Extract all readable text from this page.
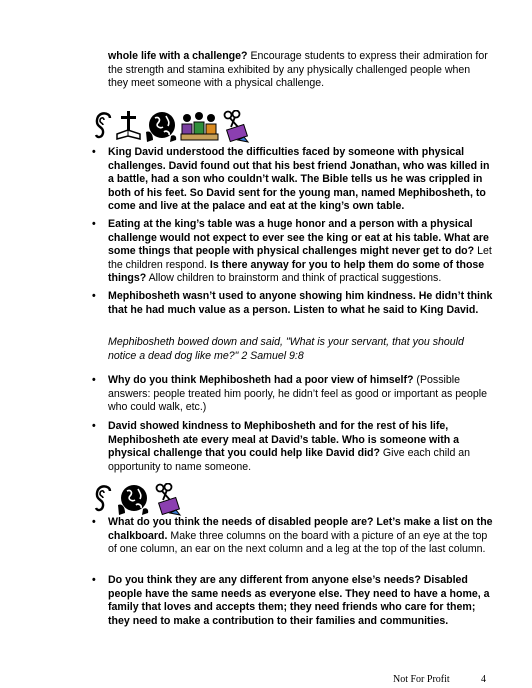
whole life with a challenge? Encourage students to express their admiration for the strength and stamina exhibited by any physically challenged people when they meet someone with a physical challenge.

•	King David understood the difficulties faced by someone with physical challenges. David found out that his best friend Jonathan, who was killed in a battle, had a son who couldn’t walk. The Bible tells us he was crippled in both of his feet. So David sent for the young man, named Mephibosheth, to come and live at the palace and eat at the king’s own table.
•	Eating at the king’s table was a huge honor and a person with a physical challenge would not expect to ever see the king or eat at his table. What are some things that people with physical challenges might never get to do? Let the children respond. Is there anyway for you to help them do some of those things? Allow children to brainstorm and think of practical suggestions.
•	Mephibosheth wasn’t used to anyone showing him kindness. He didn’t think that he had much value as a person. Listen to what he said to King David.

Mephibosheth bowed down and said, "What is your servant, that you should notice a dead dog like me?" 2 Samuel 9:8

•	Why do you think Mephibosheth had a poor view of himself? (Possible answers: people treated him poorly, he didn’t feel as good or important as people who could walk, etc.)
•	David showed kindness to Mephibosheth and for the rest of his life, Mephibosheth ate every meal at David’s table. Who is someone with a physical challenge that you could help like David did? Give each child an opportunity to name someone.
•	What do you think the needs of disabled people are? Let’s make a list on the chalkboard. Make three columns on the board with a picture of an eye at the top of one column, an ear on the next column and a leg at the top of the last column.
•	Do you think they are any different from anyone else’s needs? Disabled people have the same needs as everyone else. They need to have a home, a family that loves and accepts them; they need friends who care for them; they need to make a contribution to their families and communities.
Not For Profit	4
